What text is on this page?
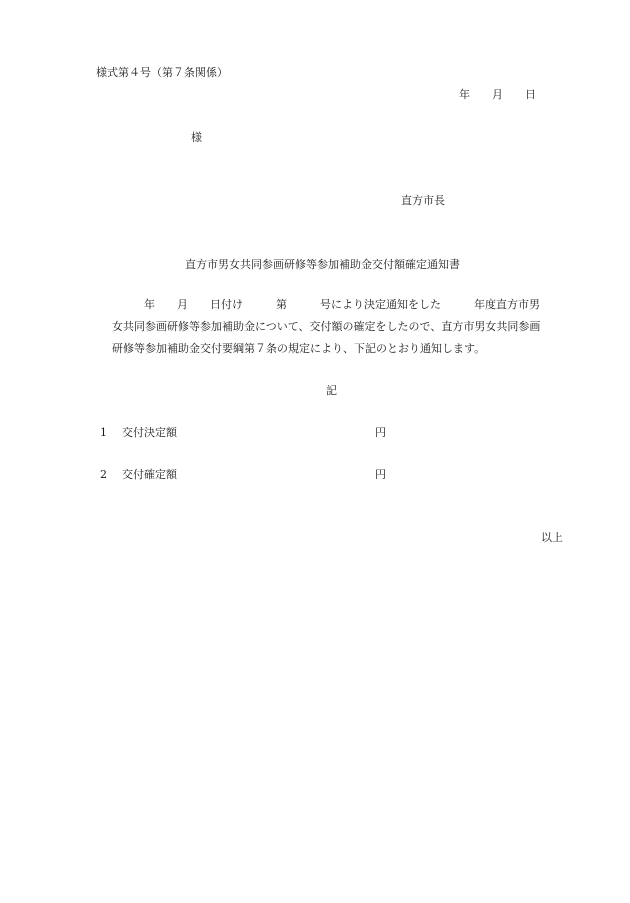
様式第４号（第７条関係）
年　　月　　日
様
直方市長
直方市男女共同参画研修等参加補助金交付額確定通知書
年　　月　　日付け　　　第　　　号により決定通知をした　　　年度直方市男
女共同参画研修等参加補助金について、交付額の確定をしたので、直方市男女共同参画
研修等参加補助金交付要綱第７条の規定により、下記のとおり通知します。
記
1 交付決定額	円
2 交付確定額	円
以上
